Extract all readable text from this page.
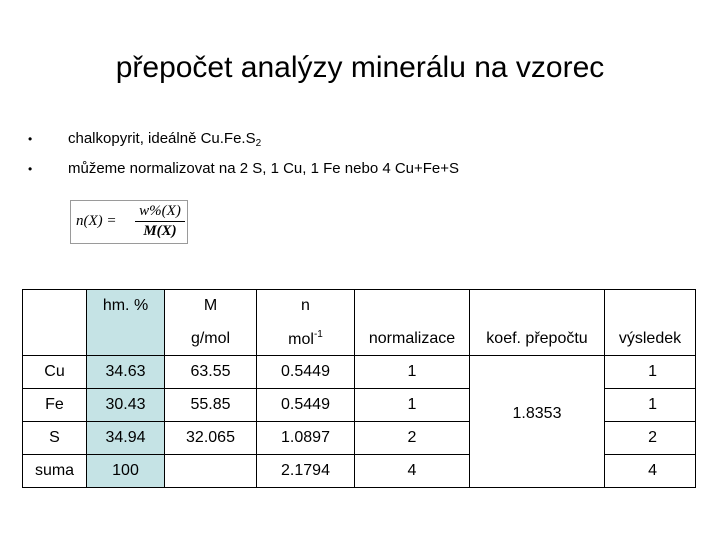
přepočet analýzy minerálu na vzorec
• chalkopyrit, ideálně $Cu.Fe.S_2$
• můžeme normalizovat na 2 S, 1 Cu, 1 Fe nebo 4 Cu+Fe+S
n(X) =
w%(X)
M(X)
	hm. %	M	n			
		g/mol	mol$^{-1}$	normalizace	koef. přepočtu	výsledek
Cu	34.63	63.55	0.5449	1	1.8353	1
Fe	30.43	55.85	0.5449	1		1
S	34.94	32.065	1.0897	2		2
suma	100		2.1794	4		4
